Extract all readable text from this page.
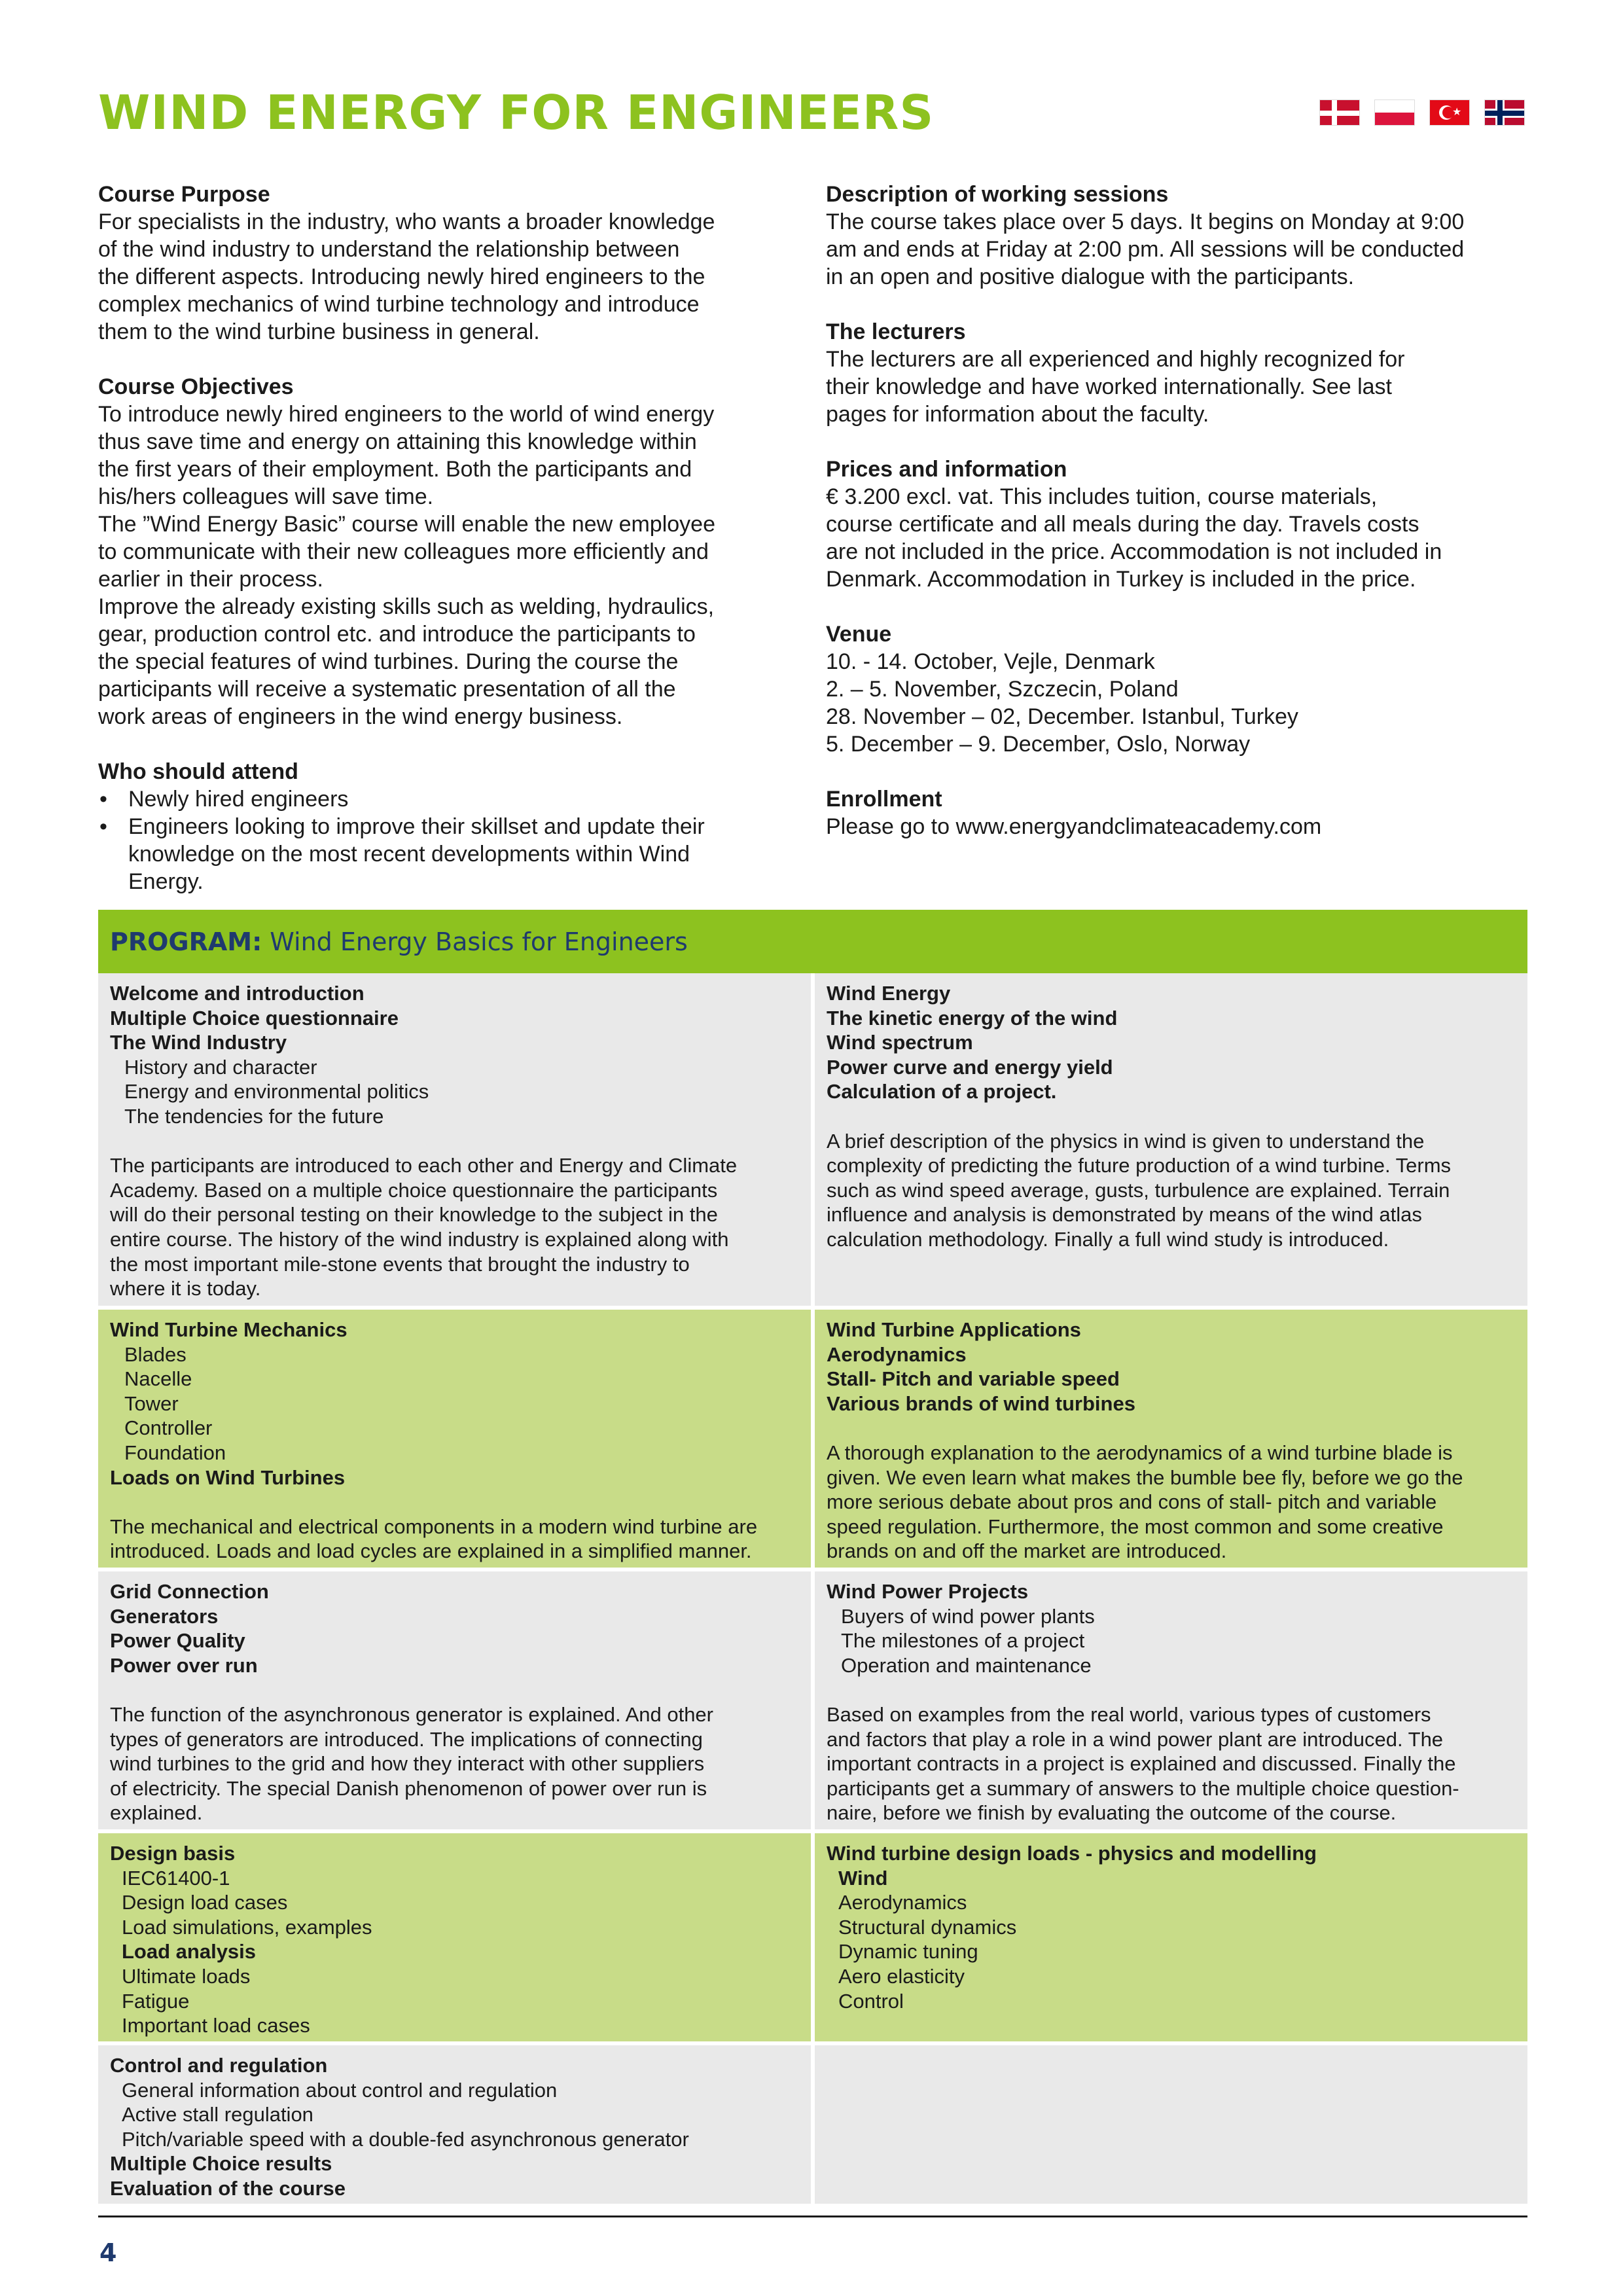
WIND ENERGY FOR ENGINEERS	★
Course Purpose
For specialists in the industry, who wants a broader knowledge
of the wind industry to understand the relationship between
the different aspects. Introducing newly hired engineers to the
complex mechanics of wind turbine technology and introduce
them to the wind turbine business in general.
Course Objectives
To introduce newly hired engineers to the world of wind energy
thus save time and energy on attaining this knowledge within
the first years of their employment. Both the participants and
his/hers colleagues will save time.
The ”Wind Energy Basic” course will enable the new employee
to communicate with their new colleagues more efficiently and
earlier in their process.
Improve the already existing skills such as welding, hydraulics,
gear, production control etc. and introduce the participants to
the special features of wind turbines. During the course the
participants will receive a systematic presentation of all the
work areas of engineers in the wind energy business.
Who should attend
• Newly hired engineers
• Engineers looking to improve their skillset and update their knowledge on the most recent developments within Wind Energy.
Description of working sessions
The course takes place over 5 days. It begins on Monday at 9:00
am and ends at Friday at 2:00 pm. All sessions will be conducted
in an open and positive dialogue with the participants.
The lecturers
The lecturers are all experienced and highly recognized for
their knowledge and have worked internationally. See last
pages for information about the faculty.
Prices and information
€ 3.200 excl. vat. This includes tuition, course materials,
course certificate and all meals during the day. Travels costs
are not included in the price. Accommodation is not included in
Denmark. Accommodation in Turkey is included in the price.
Venue
10. - 14. October, Vejle, Denmark
2. – 5. November, Szczecin, Poland
28. November – 02, December. Istanbul, Turkey
5. December – 9. December, Oslo, Norway
Enrollment
Please go to www.energyandclimateacademy.com
PROGRAM: Wind Energy Basics for Engineers
Welcome and introduction
Multiple Choice questionnaire
The Wind Industry
History and character
Energy and environmental politics
The tendencies for the future
The participants are introduced to each other and Energy and Climate
Academy. Based on a multiple choice questionnaire the participants
will do their personal testing on their knowledge to the subject in the
entire course. The history of the wind industry is explained along with
the most important mile-stone events that brought the industry to
where it is today.
Wind Energy
The kinetic energy of the wind
Wind spectrum
Power curve and energy yield
Calculation of a project.
A brief description of the physics in wind is given to understand the
complexity of predicting the future production of a wind turbine. Terms
such as wind speed average, gusts, turbulence are explained. Terrain
influence and analysis is demonstrated by means of the wind atlas
calculation methodology. Finally a full wind study is introduced.
Wind Turbine Mechanics
Blades
Nacelle
Tower
Controller
Foundation
Loads on Wind Turbines
The mechanical and electrical components in a modern wind turbine are
introduced. Loads and load cycles are explained in a simplified manner.
Wind Turbine Applications
Aerodynamics
Stall- Pitch and variable speed
Various brands of wind turbines
A thorough explanation to the aerodynamics of a wind turbine blade is
given. We even learn what makes the bumble bee fly, before we go the
more serious debate about pros and cons of stall- pitch and variable
speed regulation. Furthermore, the most common and some creative
brands on and off the market are introduced.
Grid Connection
Generators
Power Quality
Power over run
The function of the asynchronous generator is explained. And other
types of generators are introduced. The implications of connecting
wind turbines to the grid and how they interact with other suppliers
of electricity. The special Danish phenomenon of power over run is
explained.
Wind Power Projects
Buyers of wind power plants
The milestones of a project
Operation and maintenance
Based on examples from the real world, various types of customers
and factors that play a role in a wind power plant are introduced. The
important contracts in a project is explained and discussed. Finally the
participants get a summary of answers to the multiple choice question-
naire, before we finish by evaluating the outcome of the course.
Design basis
IEC61400-1
Design load cases
Load simulations, examples
Load analysis
Ultimate loads
Fatigue
Important load cases
Wind turbine design loads - physics and modelling
Wind
Aerodynamics
Structural dynamics
Dynamic tuning
Aero elasticity
Control
Control and regulation
General information about control and regulation
Active stall regulation
Pitch/variable speed with a double-fed asynchronous generator
Multiple Choice results
Evaluation of the course
4
